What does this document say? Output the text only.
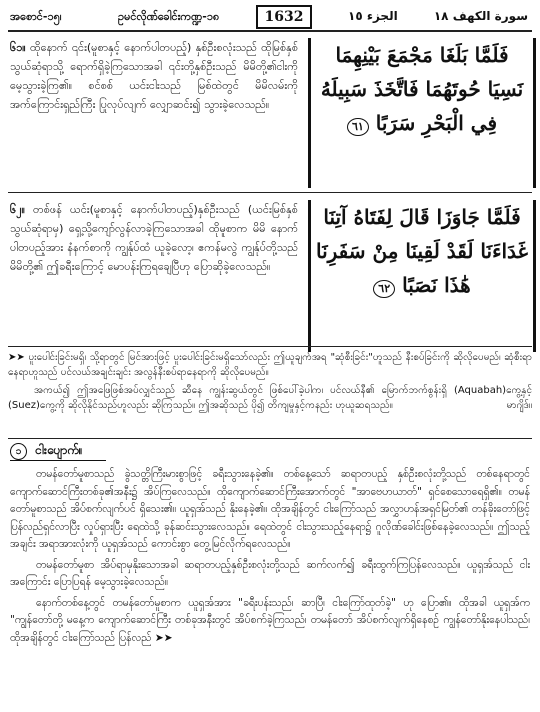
အစောင်-၁၅၊	ဥမင်လိုဏ်ခေါင်းကဏ္ဍ-၁၈	1632	الجزء ١٥	سورة الكهف ١٨
၆၁။ ထိုနောက် ၎င်း(မူစာနှင့် နောက်ပါတပည့်) နှစ်ဦးစလုံးသည် ထိုမြစ်နှစ်သွယ်ဆုံရာသို့ ရောက်ရှိခဲ့ကြသောအခါ ၎င်းတို့နှစ်ဦးသည် မိမိတို့၏ငါးကို မေ့သွားခဲ့ကြ၏။ စင်စစ် ယင်းငါးသည် မြစ်ထဲတွင် မိမိလမ်းကို အက်ကြောင်းရှည်ကြီး ပြုလုပ်လျက် လျှောဆင်း၍ သွားခဲ့လေသည်။
فَلَمَّا بَلَغَا مَجْمَعَ بَيْنِهِمَا
نَسِيَا حُوتَهُمَا فَاتَّخَذَ سَبِيلَهُ
فِي الْبَحْرِ سَرَبًا ٦١
၆၂။ တစ်ဖန် ယင်း(မူစာနှင့် နောက်ပါတပည့်)နှစ်ဦးသည် (ယင်းမြစ်နှစ်သွယ်ဆုံရာမှ) ရှေ့သို့ကျော်လွန်လာခဲ့ကြသောအခါ ထိုမူစာက မိမိ နောက်ပါတပည့်အား နံနက်စာကို ကျွန်ုပ်ထံ ယူခဲ့လော့၊ ဧကန်မလွဲ ကျွန်ုပ်တို့သည် မိမိတို့၏ ဤခရီးကြောင့် မောပန်းကြရချေပြီဟု ပြောဆိုခဲ့လေသည်။
فَلَمَّا جَاوَزَا قَالَ لِفَتَاهُ آتِنَا
غَدَاءَنَا لَقَدْ لَقِينَا مِنْ سَفَرِنَا
هَٰذَا نَصَبًا ٦٢

➤➤ ပူးပေါင်းခြင်းမရှိ၊ သို့ရာတွင် မြင်အားဖြင့် ပူးပေါင်းခြင်းမရှိသော်လည်း ဤယူချက်အရ "ဆုံစီးခြင်း"ဟူသည် နီးစပ်ခြင်းကို ဆိုလိုပေမည်၊ ဆုံစီးရာနေရာဟူသည် ပင်လယ်အချင်းချင်း အလွန်နီးစပ်ရာနေရာကို ဆိုလိုပေမည်။

အကယ်၍ ဤအဖြေဖြစ်အပ်လျှင်သည် ဆီနေ ကျွန်းဆွယ်တွင် ဖြစ်ပေါ်ခဲ့ပါက၊ ပင်လယ်နီ၏ မြောက်ဘက်စွန်းရှိ (Aquabah)ကွေ့နှင့် (Suez)ကွေ့ကို ဆိုလိုနိုင်သည်ဟူလည်း ဆိုကြသည်။ ဤအဆိုသည် ပို၍ တိကျမှုနှင့်ကနည်း ဟုယူဆရသည်။	မာဂျိဒ်။
၁ ငါးပျောက်။

တမန်တော်မူစာသည် ခွဲသတ္တိကြီးမားစွာဖြင့် ခရီးသွားနေခဲ့၏။ တစ်နေ့သော် ဆရာတပည့် နှစ်ဦးစလုံးတို့သည် တစ်နေရာတွင် ကျောက်ဆောင်ကြီးတစ်ခု၏အနီး၌ အိပ်ကြလေသည်။ ထိုကျောက်ဆောင်ကြီးအောက်တွင် "အာဗေဟယာတ်" ရှင်စေသောရေရှိ၏။ တမန်တော်မူစာသည် အိပ်စက်လျက်ပင် ရှိသေး၏။ ယူရှအ်သည် နိုးနေခဲ့၏။ ထိုအချိန်တွင် ငါးကြော်သည် အလွှာဟန်အရှင်မြတ်၏ တန်ခိုးတော်ဖြင့် ပြန်လည်ရှင်လာပြီး လှုပ်ရှားပြီး ရေထဲသို့ ခုန်ဆင်းသွားလေသည်။ ရေထဲတွင် ငါးသွားသည့်နေရာ၌ ဂူလိုဏ်ခေါင်းဖြစ်နေခဲ့လေသည်။ ဤသည့်အချင်း အရာအားလုံးကို ယူရှအ်သည် ကောင်းစွာ တွေ့မြင်လိုက်ရလေသည်။

တမန်တော်မူစာ အိပ်ရာမှနိုးသောအခါ ဆရာတပည့်နှစ်ဦးစလုံးတို့သည် ဆက်လက်၍ ခရီးထွက်ကြပြန်လေသည်။ ယူရှအ်သည် ငါးအကြောင်း ပြောပြရန် မေ့သွားခဲ့လေသည်။

နောက်တစ်နေ့တွင် တမန်တော်မူစာက ယူရှအ်အား "ခရီးပန်းသည်၊ ဆာပြီ၊ ငါးကြော်ထုတ်ခဲ့" ဟု ပြော၏။ ထိုအခါ ယူရှအ်က "ကျွန်တော်တို့ မနေ့က ကျောက်ဆောင်ကြီး တစ်ခုအနီးတွင် အိပ်စက်ခဲ့ကြသည်၊ တမန်တော် အိပ်စက်လျက်ရှိနေစဉ် ကျွန်တော်နိုးနေပါသည်၊ ထိုအချိန်တွင် ငါးကြော်သည် ပြန်လည် ➤➤
